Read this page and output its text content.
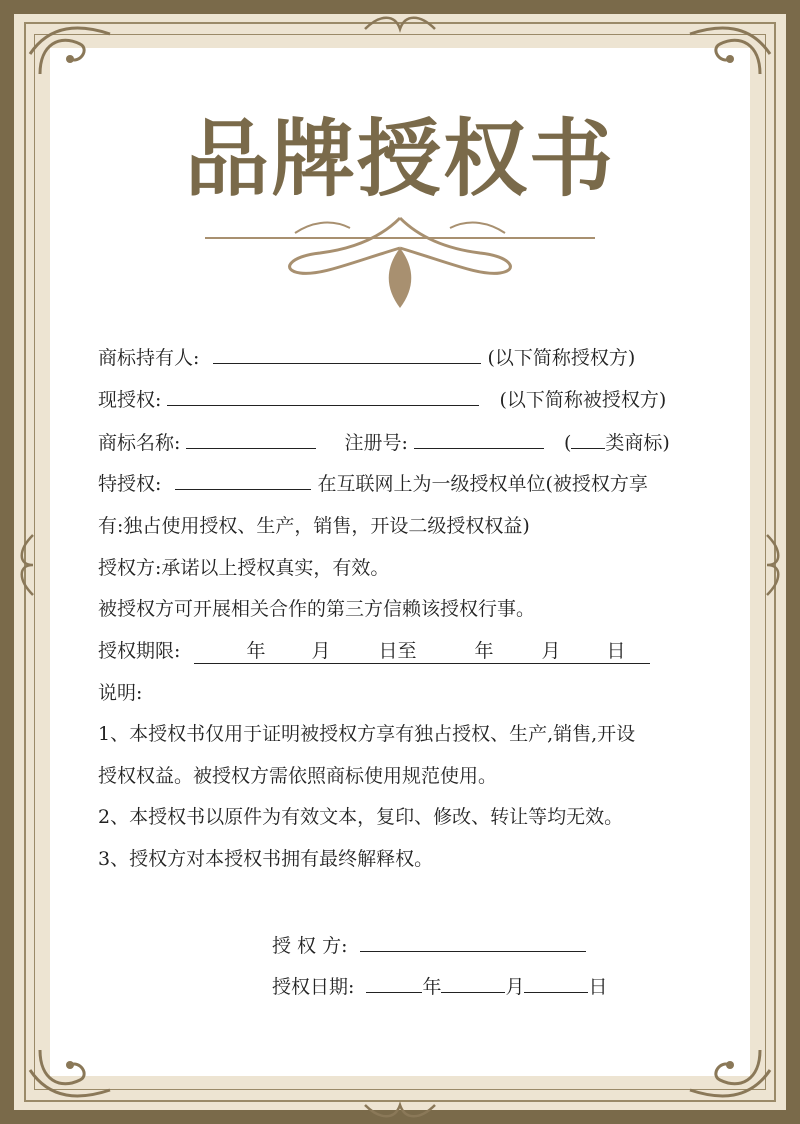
品牌授权书
商标持有人:	(以下简称授权方)
现授权:	(以下简称被授权方)
商标名称:	注册号:	( 类商标)
特授权:	在互联网上为一级授权单位(被授权方享
有:独占使用授权、生产，销售，开设二级授权权益)
授权方:承诺以上授权真实，有效。
被授权方可开展相关合作的第三方信赖该授权行事。
授权期限:	年 月	日至	年	月 日
说明:
1、本授权书仅用于证明被授权方享有独占授权、生产,销售,开设
授权权益。被授权方需依照商标使用规范使用。
2、本授权书以原件为有效文本，复印、修改、转让等均无效。
3、授权方对本授权书拥有最终解释权。
授 权 方:
授权日期:	年	月	日
